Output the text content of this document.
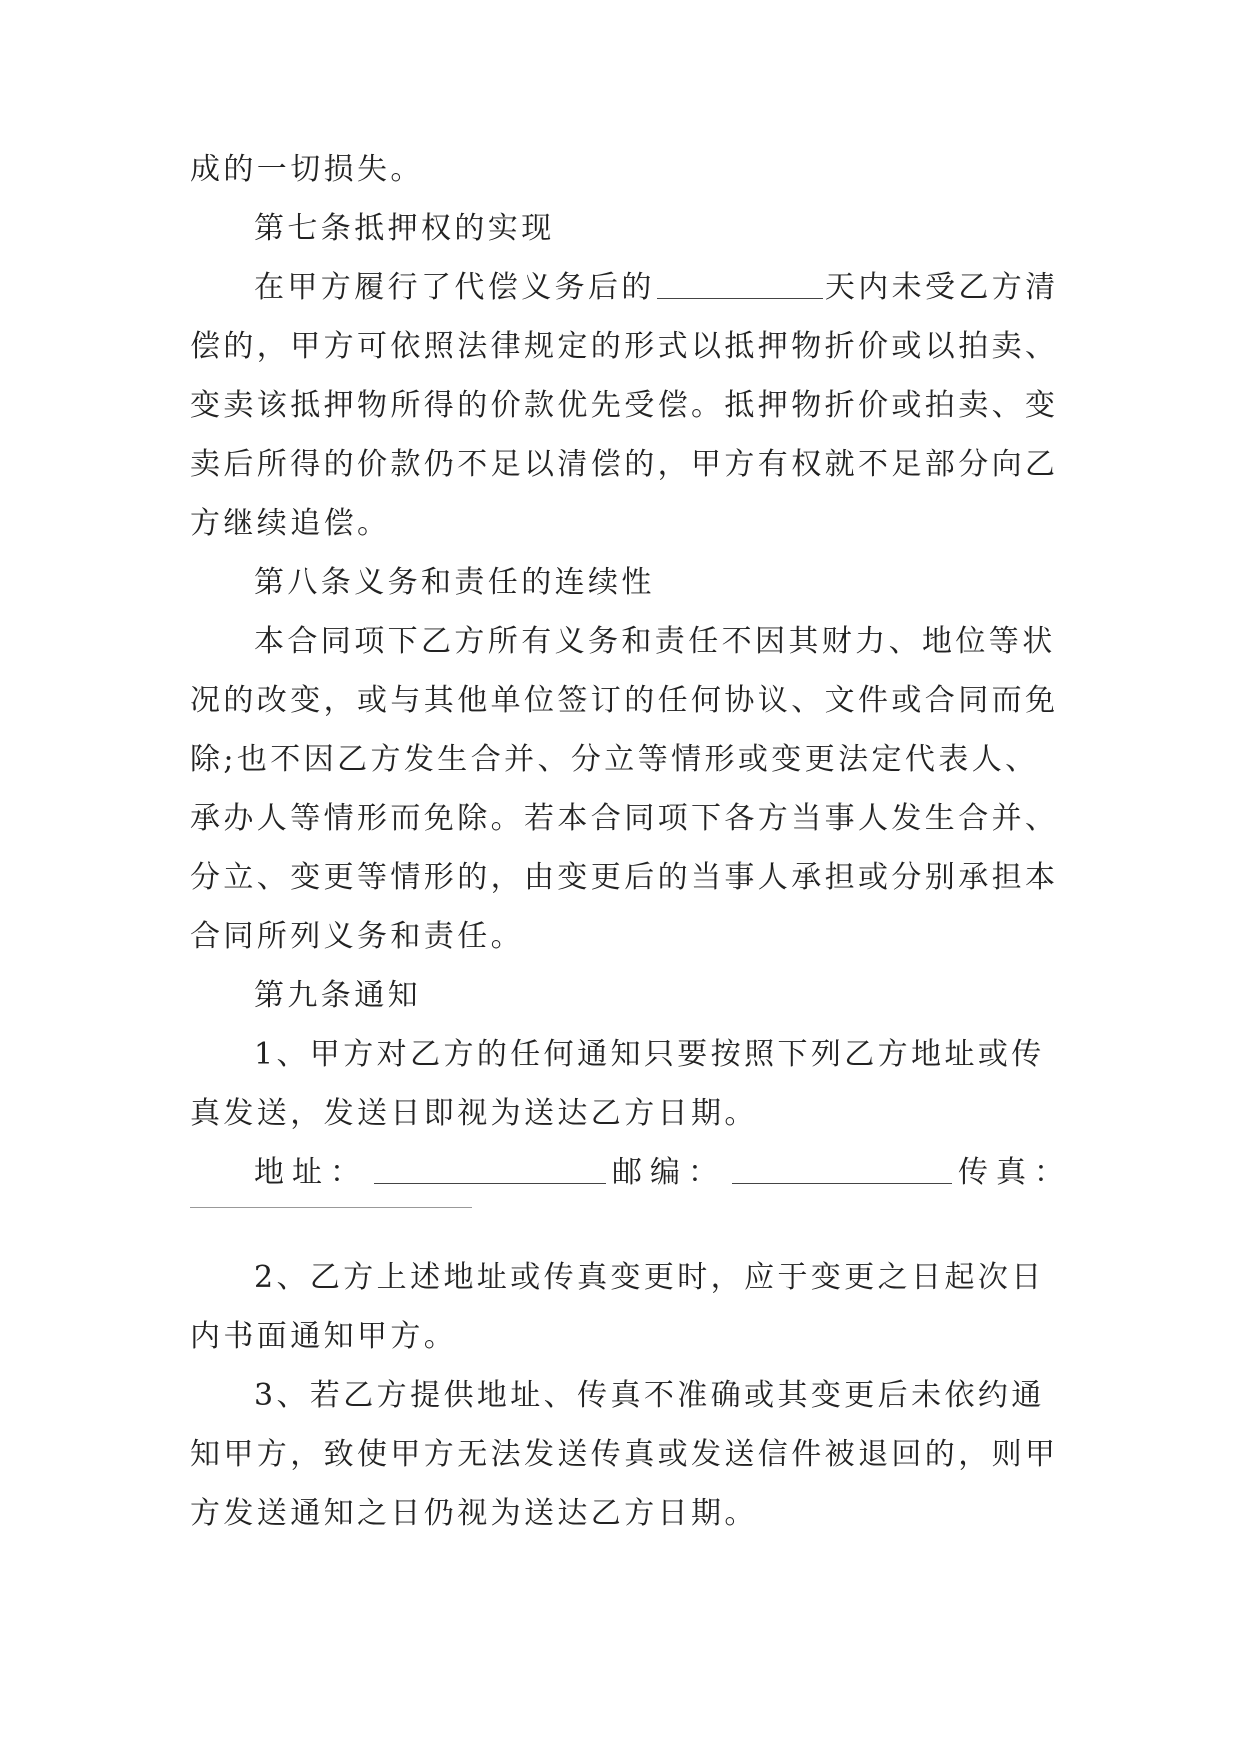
成的一切损失。
第七条抵押权的实现
在甲方履行了代偿义务后的	天内未受乙方清
偿的，甲方可依照法律规定的形式以抵押物折价或以拍卖、
变卖该抵押物所得的价款优先受偿。抵押物折价或拍卖、变
卖后所得的价款仍不足以清偿的，甲方有权就不足部分向乙
方继续追偿。
第八条义务和责任的连续性
本合同项下乙方所有义务和责任不因其财力、地位等状
况的改变，或与其他单位签订的任何协议、文件或合同而免
除;也不因乙方发生合并、分立等情形或变更法定代表人、
承办人等情形而免除。若本合同项下各方当事人发生合并、
分立、变更等情形的，由变更后的当事人承担或分别承担本
合同所列义务和责任。
第九条通知
1、甲方对乙方的任何通知只要按照下列乙方地址或传
真发送，发送日即视为送达乙方日期。
地址：	邮编：	传真：
2、乙方上述地址或传真变更时，应于变更之日起次日
内书面通知甲方。
3、若乙方提供地址、传真不准确或其变更后未依约通
知甲方，致使甲方无法发送传真或发送信件被退回的，则甲
方发送通知之日仍视为送达乙方日期。
